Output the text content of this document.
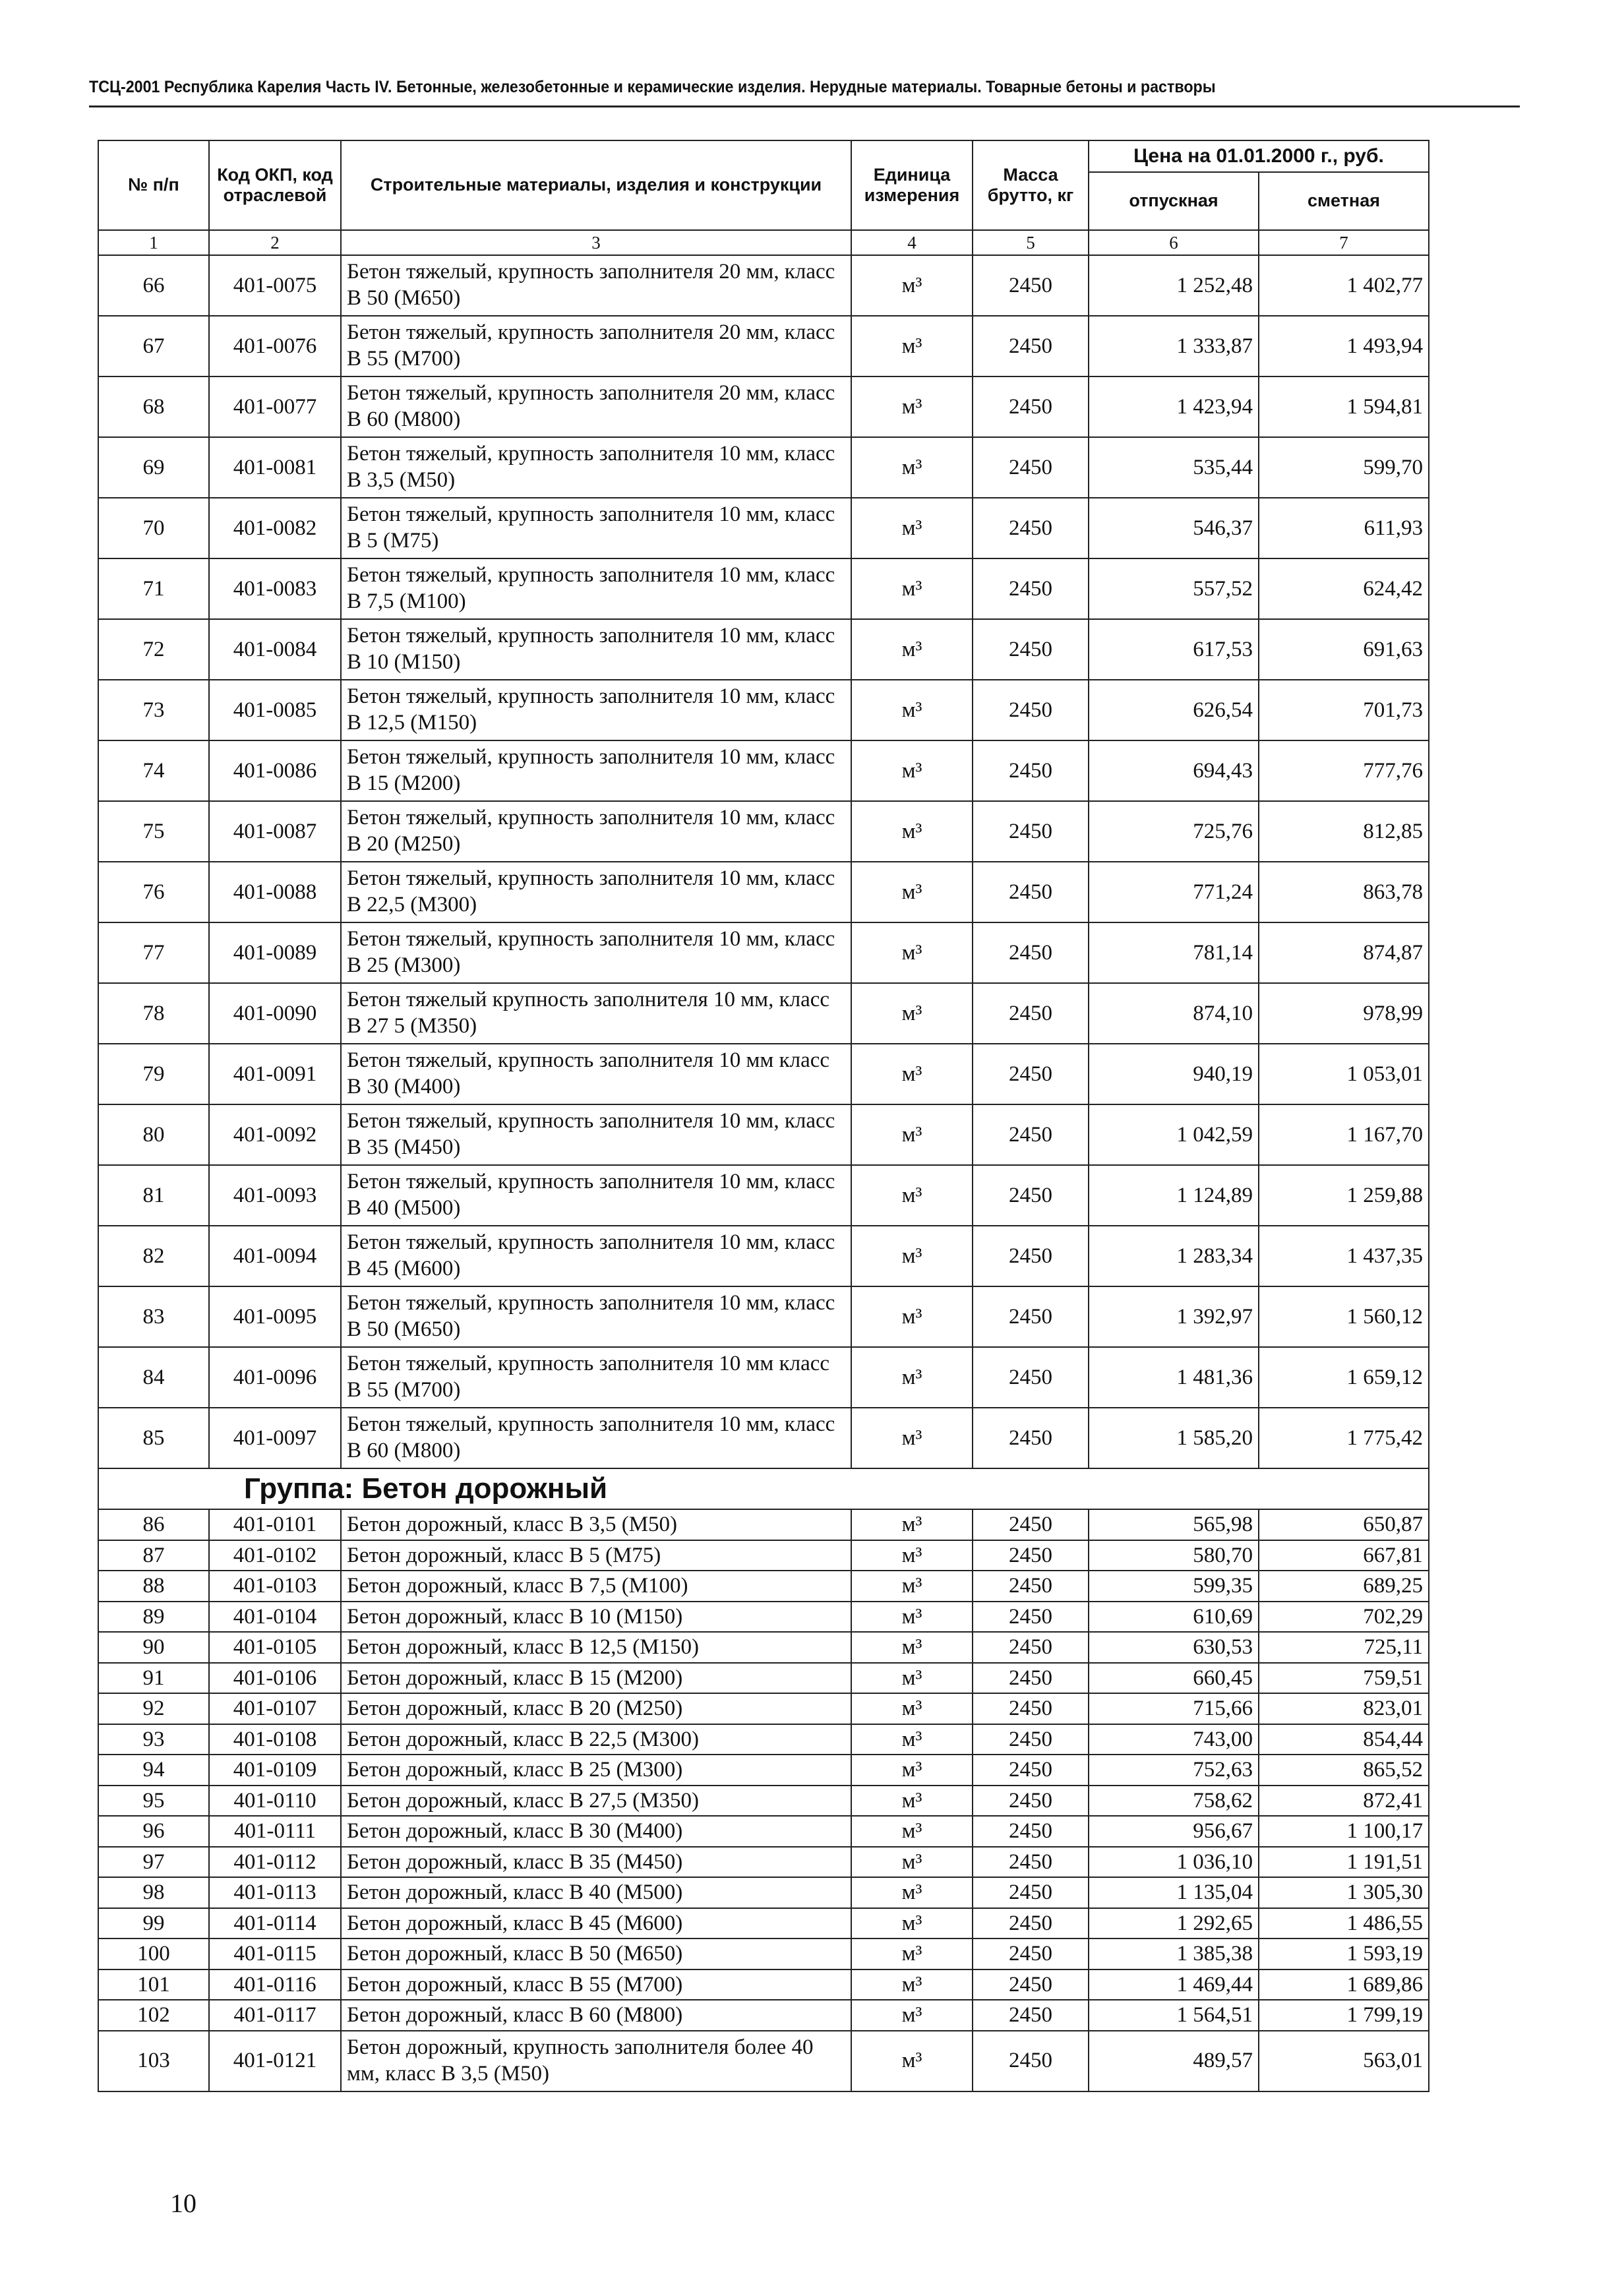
ТСЦ-2001 Республика Карелия Часть IV. Бетонные, железобетонные и керамические изделия. Нерудные материалы. Товарные бетоны и растворы
№ п/п	Код ОКП, код отраслевой	Строительные материалы, изделия и конструкции	Единица измерения	Масса брутто, кг	Цена на 01.01.2000 г., руб.	
					отпускная	сметная
1	2	3	4	5	6	7
66	401-0075	Бетон тяжелый, крупность заполнителя 20 мм, класс В 50 (М650)	м³	2450	1 252,48	1 402,77
67	401-0076	Бетон тяжелый, крупность заполнителя 20 мм, класс В 55 (М700)	м³	2450	1 333,87	1 493,94
68	401-0077	Бетон тяжелый, крупность заполнителя 20 мм, класс В 60 (М800)	м³	2450	1 423,94	1 594,81
69	401-0081	Бетон тяжелый, крупность заполнителя 10 мм, класс В 3,5 (М50)	м³	2450	535,44	599,70
70	401-0082	Бетон тяжелый, крупность заполнителя 10 мм, класс В 5 (М75)	м³	2450	546,37	611,93
71	401-0083	Бетон тяжелый, крупность заполнителя 10 мм, класс В 7,5 (М100)	м³	2450	557,52	624,42
72	401-0084	Бетон тяжелый, крупность заполнителя 10 мм, класс В 10 (М150)	м³	2450	617,53	691,63
73	401-0085	Бетон тяжелый, крупность заполнителя 10 мм, класс В 12,5 (М150)	м³	2450	626,54	701,73
74	401-0086	Бетон тяжелый, крупность заполнителя 10 мм, класс В 15 (М200)	м³	2450	694,43	777,76
75	401-0087	Бетон тяжелый, крупность заполнителя 10 мм, класс В 20 (М250)	м³	2450	725,76	812,85
76	401-0088	Бетон тяжелый, крупность заполнителя 10 мм, класс В 22,5 (М300)	м³	2450	771,24	863,78
77	401-0089	Бетон тяжелый, крупность заполнителя 10 мм, класс В 25 (М300)	м³	2450	781,14	874,87
78	401-0090	Бетон тяжелый крупность заполнителя 10 мм, класс В 27 5 (М350)	м³	2450	874,10	978,99
79	401-0091	Бетон тяжелый, крупность заполнителя 10 мм класс В 30 (М400)	м³	2450	940,19	1 053,01
80	401-0092	Бетон тяжелый, крупность заполнителя 10 мм, класс В 35 (М450)	м³	2450	1 042,59	1 167,70
81	401-0093	Бетон тяжелый, крупность заполнителя 10 мм, класс В 40 (М500)	м³	2450	1 124,89	1 259,88
82	401-0094	Бетон тяжелый, крупность заполнителя 10 мм, класс В 45 (М600)	м³	2450	1 283,34	1 437,35
83	401-0095	Бетон тяжелый, крупность заполнителя 10 мм, класс В 50 (М650)	м³	2450	1 392,97	1 560,12
84	401-0096	Бетон тяжелый, крупность заполнителя 10 мм класс В 55 (М700)	м³	2450	1 481,36	1 659,12
85	401-0097	Бетон тяжелый, крупность заполнителя 10 мм, класс В 60 (М800)	м³	2450	1 585,20	1 775,42
Группа: Бетон дорожный						
86	401-0101	Бетон дорожный, класс В 3,5 (М50)	м³	2450	565,98	650,87
87	401-0102	Бетон дорожный, класс В 5 (М75)	м³	2450	580,70	667,81
88	401-0103	Бетон дорожный, класс В 7,5 (М100)	м³	2450	599,35	689,25
89	401-0104	Бетон дорожный, класс В 10 (М150)	м³	2450	610,69	702,29
90	401-0105	Бетон дорожный, класс В 12,5 (М150)	м³	2450	630,53	725,11
91	401-0106	Бетон дорожный, класс В 15 (М200)	м³	2450	660,45	759,51
92	401-0107	Бетон дорожный, класс В 20 (М250)	м³	2450	715,66	823,01
93	401-0108	Бетон дорожный, класс В 22,5 (М300)	м³	2450	743,00	854,44
94	401-0109	Бетон дорожный, класс В 25 (М300)	м³	2450	752,63	865,52
95	401-0110	Бетон дорожный, класс В 27,5 (М350)	м³	2450	758,62	872,41
96	401-0111	Бетон дорожный, класс В 30 (М400)	м³	2450	956,67	1 100,17
97	401-0112	Бетон дорожный, класс В 35 (М450)	м³	2450	1 036,10	1 191,51
98	401-0113	Бетон дорожный, класс В 40 (М500)	м³	2450	1 135,04	1 305,30
99	401-0114	Бетон дорожный, класс В 45 (М600)	м³	2450	1 292,65	1 486,55
100	401-0115	Бетон дорожный, класс В 50 (М650)	м³	2450	1 385,38	1 593,19
101	401-0116	Бетон дорожный, класс В 55 (М700)	м³	2450	1 469,44	1 689,86
102	401-0117	Бетон дорожный, класс В 60 (М800)	м³	2450	1 564,51	1 799,19
103	401-0121	Бетон дорожный, крупность заполнителя более 40 мм, класс В 3,5 (М50)	м³	2450	489,57	563,01
10
